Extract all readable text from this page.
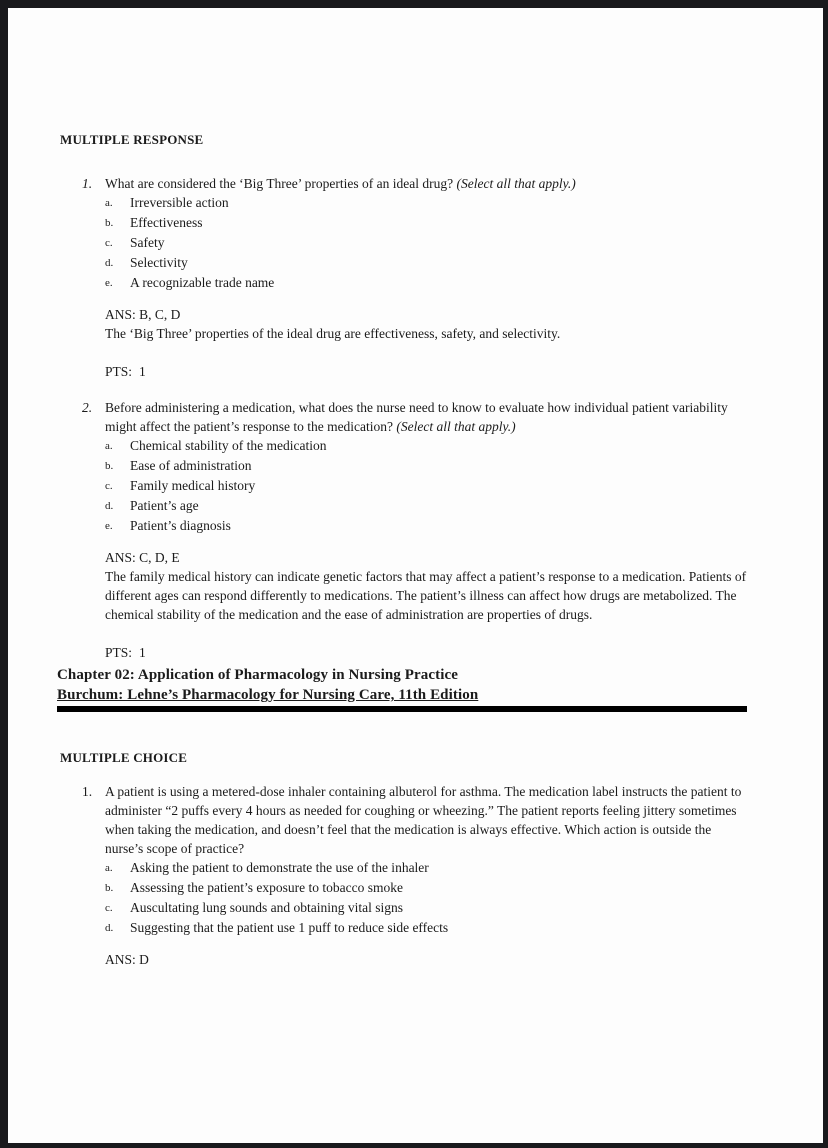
MULTIPLE RESPONSE
1. What are considered the ‘Big Three’ properties of an ideal drug? (Select all that apply.)
a.	Irreversible action
b.	Effectiveness
c.	Safety
d.	Selectivity
e.	A recognizable trade name
ANS: B, C, D
The ‘Big Three’ properties of the ideal drug are effectiveness, safety, and selectivity.
PTS: 1
2. Before administering a medication, what does the nurse need to know to evaluate how individual patient variability might affect the patient’s response to the medication? (Select all that apply.)
a.	Chemical stability of the medication
b.	Ease of administration
c.	Family medical history
d.	Patient’s age
e.	Patient’s diagnosis
ANS: C, D, E
The family medical history can indicate genetic factors that may affect a patient’s response to a medication. Patients of different ages can respond differently to medications. The patient’s illness can affect how drugs are metabolized. The chemical stability of the medication and the ease of administration are properties of drugs.
PTS: 1
Chapter 02: Application of Pharmacology in Nursing Practice
Burchum: Lehne’s Pharmacology for Nursing Care, 11th Edition
MULTIPLE CHOICE
1. A patient is using a metered-dose inhaler containing albuterol for asthma. The medication label instructs the patient to administer “2 puffs every 4 hours as needed for coughing or wheezing.” The patient reports feeling jittery sometimes when taking the medication, and doesn’t feel that the medication is always effective. Which action is outside the nurse’s scope of practice?
a.	Asking the patient to demonstrate the use of the inhaler
b.	Assessing the patient’s exposure to tobacco smoke
c.	Auscultating lung sounds and obtaining vital signs
d.	Suggesting that the patient use 1 puff to reduce side effects
ANS: D
